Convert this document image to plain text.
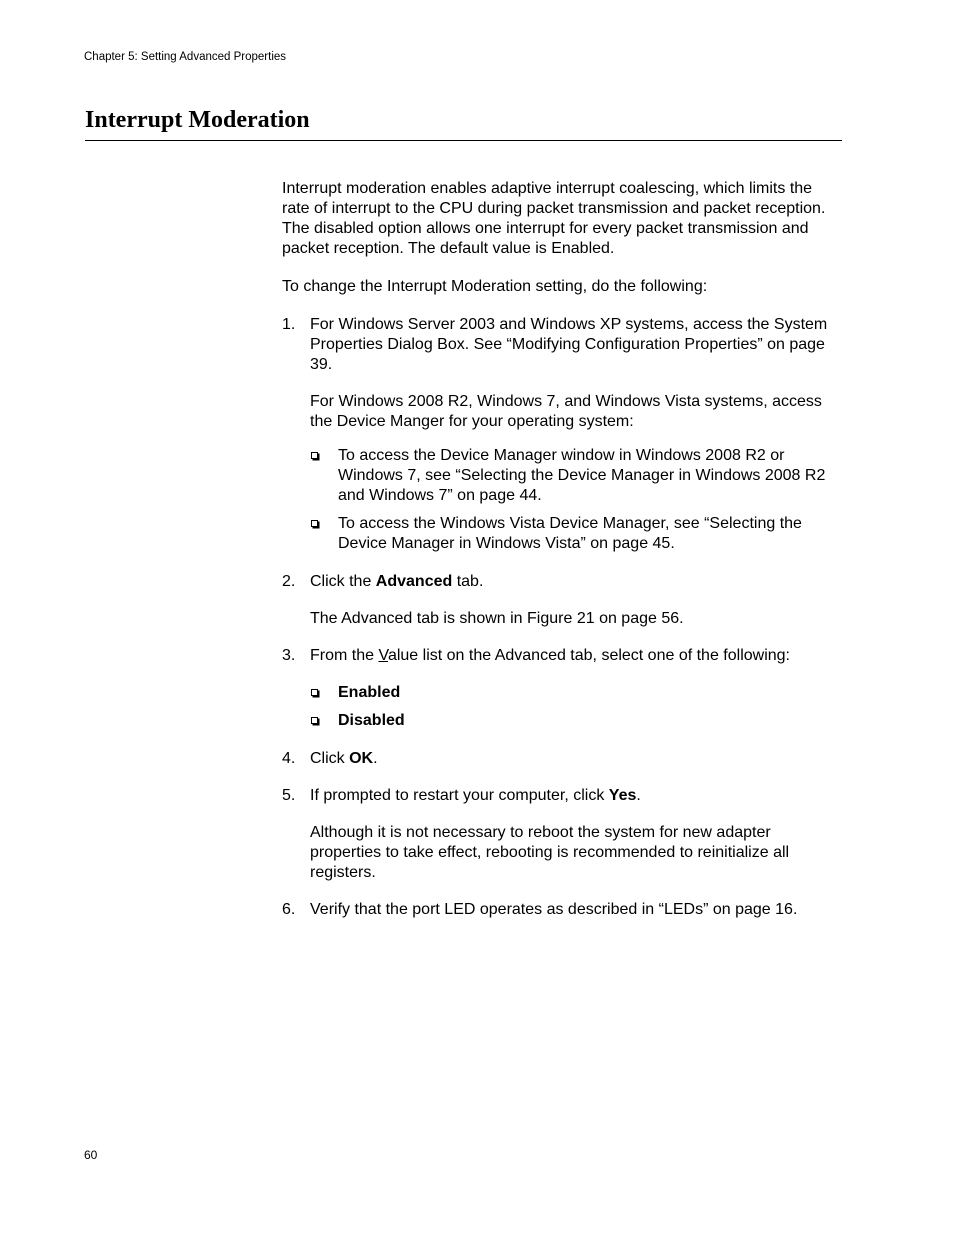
Chapter 5: Setting Advanced Properties
Interrupt Moderation

Interrupt moderation enables adaptive interrupt coalescing, which limits the rate of interrupt to the CPU during packet transmission and packet reception. The disabled option allows one interrupt for every packet transmission and packet reception. The default value is Enabled.

To change the Interrupt Moderation setting, do the following:

1. For Windows Server 2003 and Windows XP systems, access the System Properties Dialog Box. See “Modifying Configuration Properties” on page 39.

For Windows 2008 R2, Windows 7, and Windows Vista systems, access the Device Manger for your operating system:

To access the Device Manager window in Windows 2008 R2 or Windows 7, see “Selecting the Device Manager in Windows 2008 R2 and Windows 7” on page 44.
To access the Windows Vista Device Manager, see “Selecting the Device Manager in Windows Vista” on page 45.
2. Click the Advanced tab.

The Advanced tab is shown in Figure 21 on page 56.

3. From the Value list on the Advanced tab, select one of the following:

Enabled
Disabled
4. Click OK.

5. If prompted to restart your computer, click Yes.

Although it is not necessary to reboot the system for new adapter properties to take effect, rebooting is recommended to reinitialize all registers.

6. Verify that the port LED operates as described in “LEDs” on page 16.

60
